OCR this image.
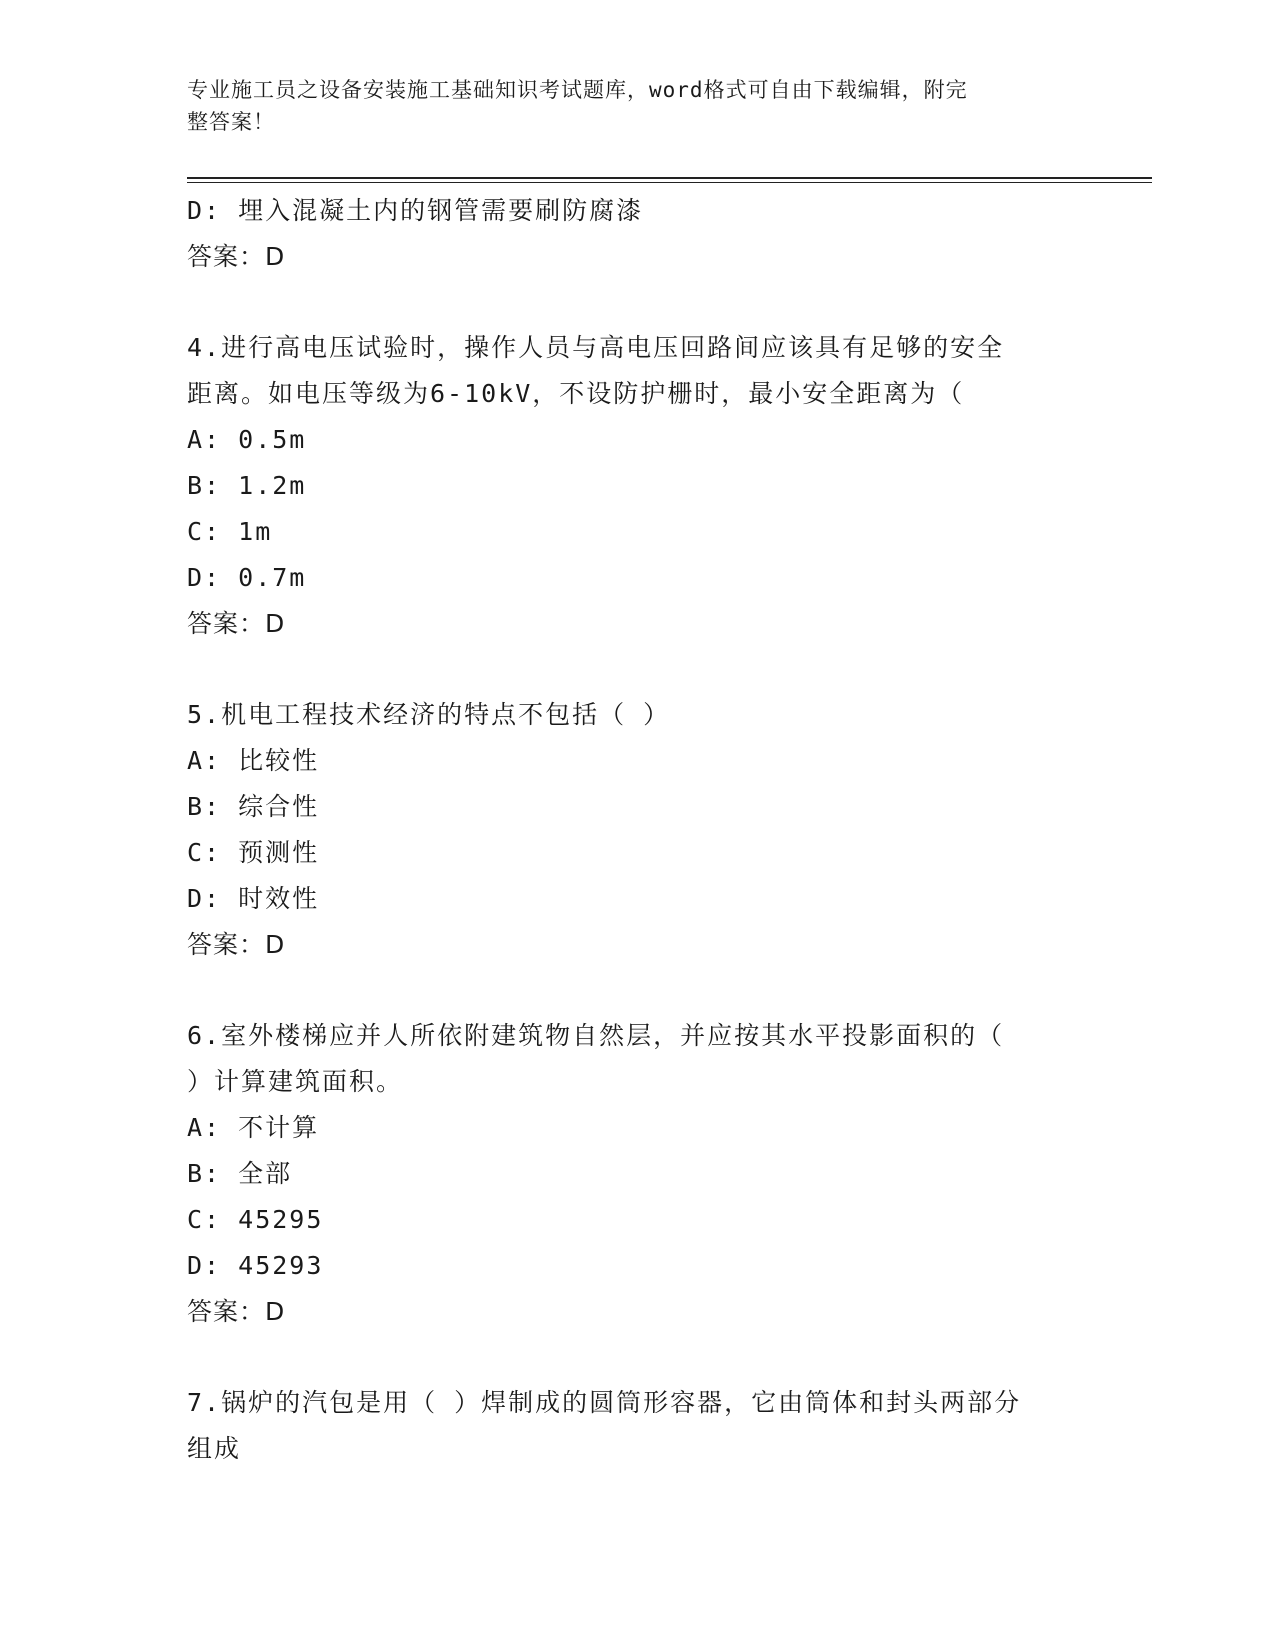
专业施工员之设备安装施工基础知识考试题库，word格式可自由下载编辑，附完
整答案！
D: 埋入混凝土内的钢管需要刷防腐漆
答案：D
4.进行高电压试验时，操作人员与高电压回路间应该具有足够的安全
距离。如电压等级为6-10kV，不设防护栅时，最小安全距离为（
A: 0.5m
B: 1.2m
C: 1m
D: 0.7m
答案：D
5.机电工程技术经济的特点不包括（ ）
A: 比较性
B: 综合性
C: 预测性
D: 时效性
答案：D
6.室外楼梯应并人所依附建筑物自然层，并应按其水平投影面积的（
）计算建筑面积。
A: 不计算
B: 全部
C: 45295
D: 45293
答案：D
7.锅炉的汽包是用（ ）焊制成的圆筒形容器，它由筒体和封头两部分
组成
